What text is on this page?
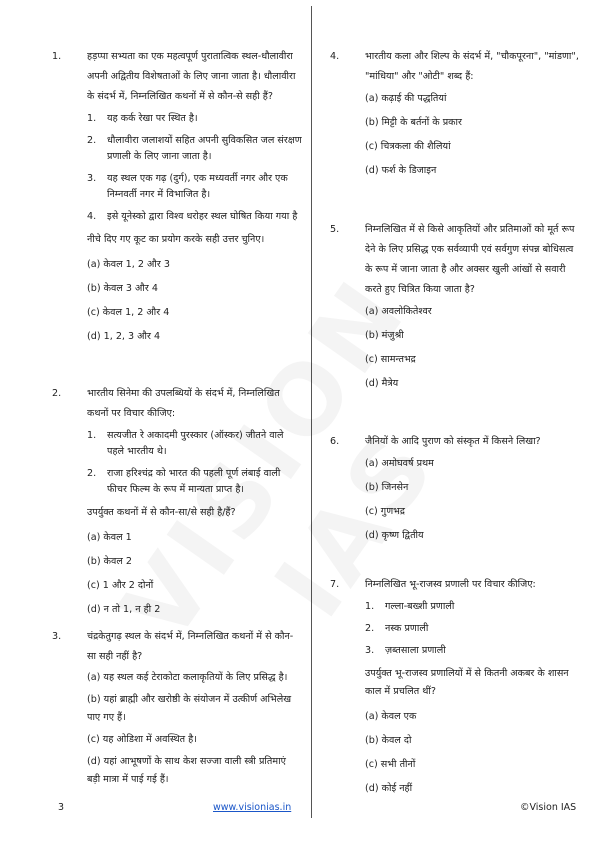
1.	हड़प्पा सभ्यता का एक महत्वपूर्ण पुरातात्विक स्थल-धौलावीरा अपनी अद्वितीय विशेषताओं के लिए जाना जाता है। धौलावीरा के संदर्भ में, निम्नलिखित कथनों में से कौन-से सही हैं?

1. यह कर्क रेखा पर स्थित है।
2. धौलावीरा जलाशयों सहित अपनी सुविकसित जल संरक्षण प्रणाली के लिए जाना जाता है।
3. यह स्थल एक गढ़ (दुर्ग), एक मध्यवर्ती नगर और एक निम्नवर्ती नगर में विभाजित है।
4. इसे यूनेस्को द्वारा विश्व धरोहर स्थल घोषित किया गया है

नीचे दिए गए कूट का प्रयोग करके सही उत्तर चुनिए।

(a) केवल 1, 2 और 3

(b) केवल 3 और 4

(c) केवल 1, 2 और 4

(d) 1, 2, 3 और 4

2.	भारतीय सिनेमा की उपलब्धियों के संदर्भ में, निम्नलिखित कथनों पर विचार कीजिए:

1. सत्यजीत रे अकादमी पुरस्कार (ऑस्कर) जीतने वाले पहले भारतीय थे।
2. राजा हरिश्चंद्र को भारत की पहली पूर्ण लंबाई वाली फीचर फिल्म के रूप में मान्यता प्राप्त है।

उपर्युक्त कथनों में से कौन-सा/से सही है/हैं?

(a) केवल 1

(b) केवल 2

(c) 1 और 2 दोनों

(d) न तो 1, न ही 2

3.	चंद्रकेतुगढ़ स्थल के संदर्भ में, निम्नलिखित कथनों में से कौन-सा सही नहीं है?

(a) यह स्थल कई टेराकोटा कलाकृतियों के लिए प्रसिद्ध है।

(b) यहां ब्राह्मी और खरोष्ठी के संयोजन में उत्कीर्ण अभिलेख पाए गए हैं।

(c) यह ओडिशा में अवस्थित है।

(d) यहां आभूषणों के साथ केश सज्जा वाली स्त्री प्रतिमाएं बड़ी मात्रा में पाई गई हैं।

4.	भारतीय कला और शिल्प के संदर्भ में, "चौकपूरना", "मांडणा", "मांधिया" और "ओटी" शब्द हैं:

(a) कढ़ाई की पद्धतियां

(b) मिट्टी के बर्तनों के प्रकार

(c) चित्रकला की शैलियां

(d) फर्श के डिजाइन

5.	निम्नलिखित में से किसे आकृतियों और प्रतिमाओं को मूर्त रूप देने के लिए प्रसिद्ध एक सर्वव्यापी एवं सर्वगुण संपन्न बोधिसत्व के रूप में जाना जाता है और अक्सर खुली आंखों से सवारी करते हुए चित्रित किया जाता है?

(a) अवलोकितेश्वर

(b) मंजुश्री

(c) सामन्तभद्र

(d) मैत्रेय

6.	जैनियों के आदि पुराण को संस्कृत में किसने लिखा?

(a) अमोघवर्ष प्रथम

(b) जिनसेन

(c) गुणभद्र

(d) कृष्ण द्वितीय

7.	निम्नलिखित भू-राजस्व प्रणाली पर विचार कीजिए:

1. गल्ला-बख्शी प्रणाली
2. नस्क प्रणाली
3. ज़ब्तसाला प्रणाली

उपर्युक्त भू-राजस्व प्रणालियों में से कितनी अकबर के शासन काल में प्रचलित थीं?

(a) केवल एक

(b) केवल दो

(c) सभी तीनों

(d) कोई नहीं

3	www.visionias.in	©Vision IAS
